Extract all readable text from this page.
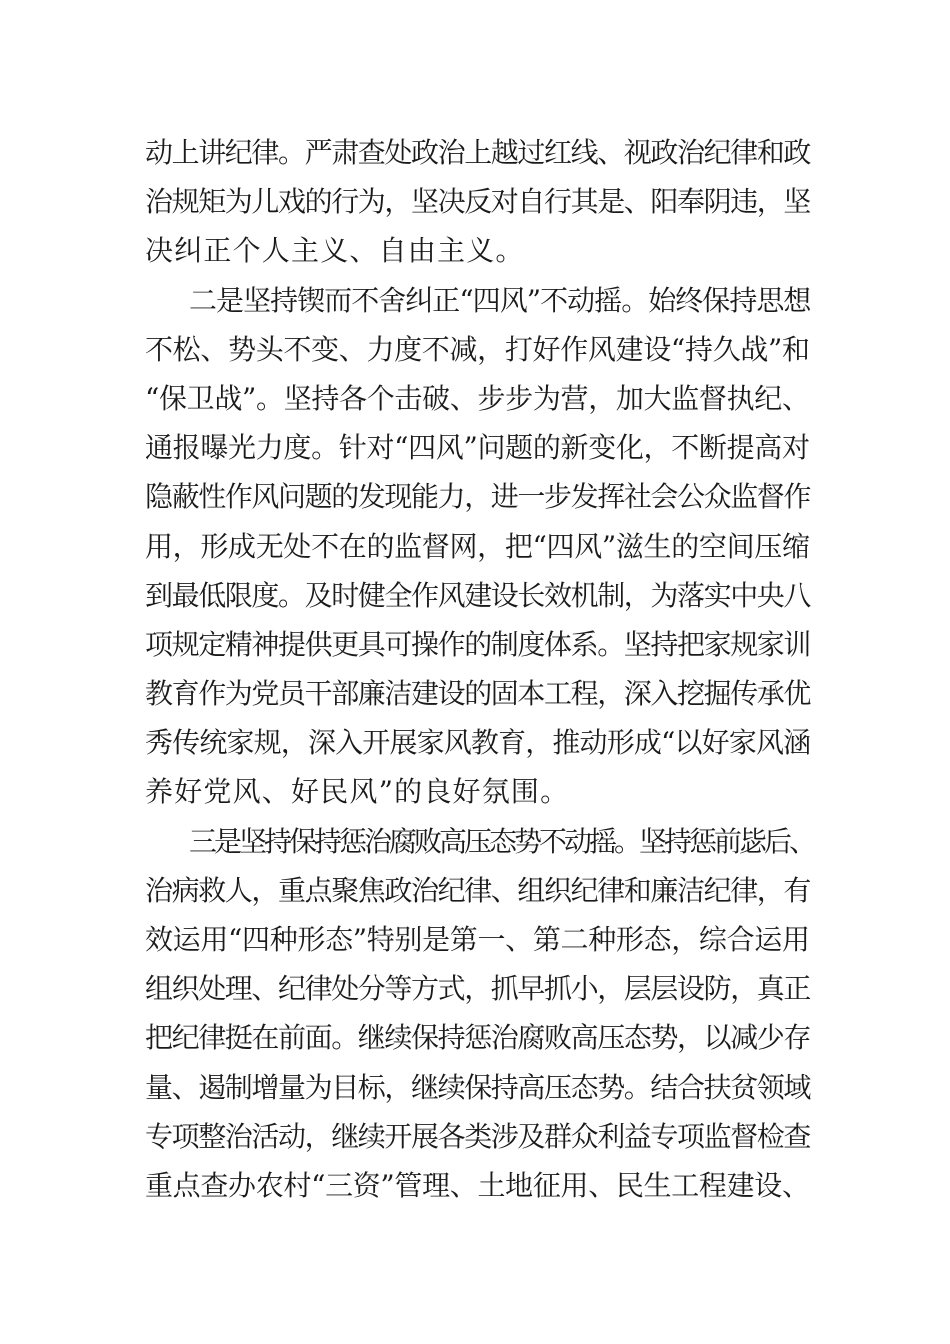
动上讲纪律。严肃查处政治上越过红线、视政治纪律和政
治规矩为儿戏的行为，坚决反对自行其是、阳奉阴违，坚
决纠正个人主义、自由主义。
二是坚持锲而不舍纠正“四风”不动摇。始终保持思想
不松、势头不变、力度不减，打好作风建设“持久战”和
“保卫战”。坚持各个击破、步步为营，加大监督执纪、
通报曝光力度。针对“四风”问题的新变化，不断提高对
隐蔽性作风问题的发现能力，进一步发挥社会公众监督作
用，形成无处不在的监督网，把“四风”滋生的空间压缩
到最低限度。及时健全作风建设长效机制，为落实中央八
项规定精神提供更具可操作的制度体系。坚持把家规家训
教育作为党员干部廉洁建设的固本工程，深入挖掘传承优
秀传统家规，深入开展家风教育，推动形成“以好家风涵
养好党风、好民风”的良好氛围。
三是坚持保持惩治腐败高压态势不动摇。坚持惩前毖后、
治病救人，重点聚焦政治纪律、组织纪律和廉洁纪律，有
效运用“四种形态”特别是第一、第二种形态，综合运用
组织处理、纪律处分等方式，抓早抓小，层层设防，真正
把纪律挺在前面。继续保持惩治腐败高压态势，以减少存
量、遏制增量为目标，继续保持高压态势。结合扶贫领域
专项整治活动，继续开展各类涉及群众利益专项监督检查
重点查办农村“三资”管理、土地征用、民生工程建设、
